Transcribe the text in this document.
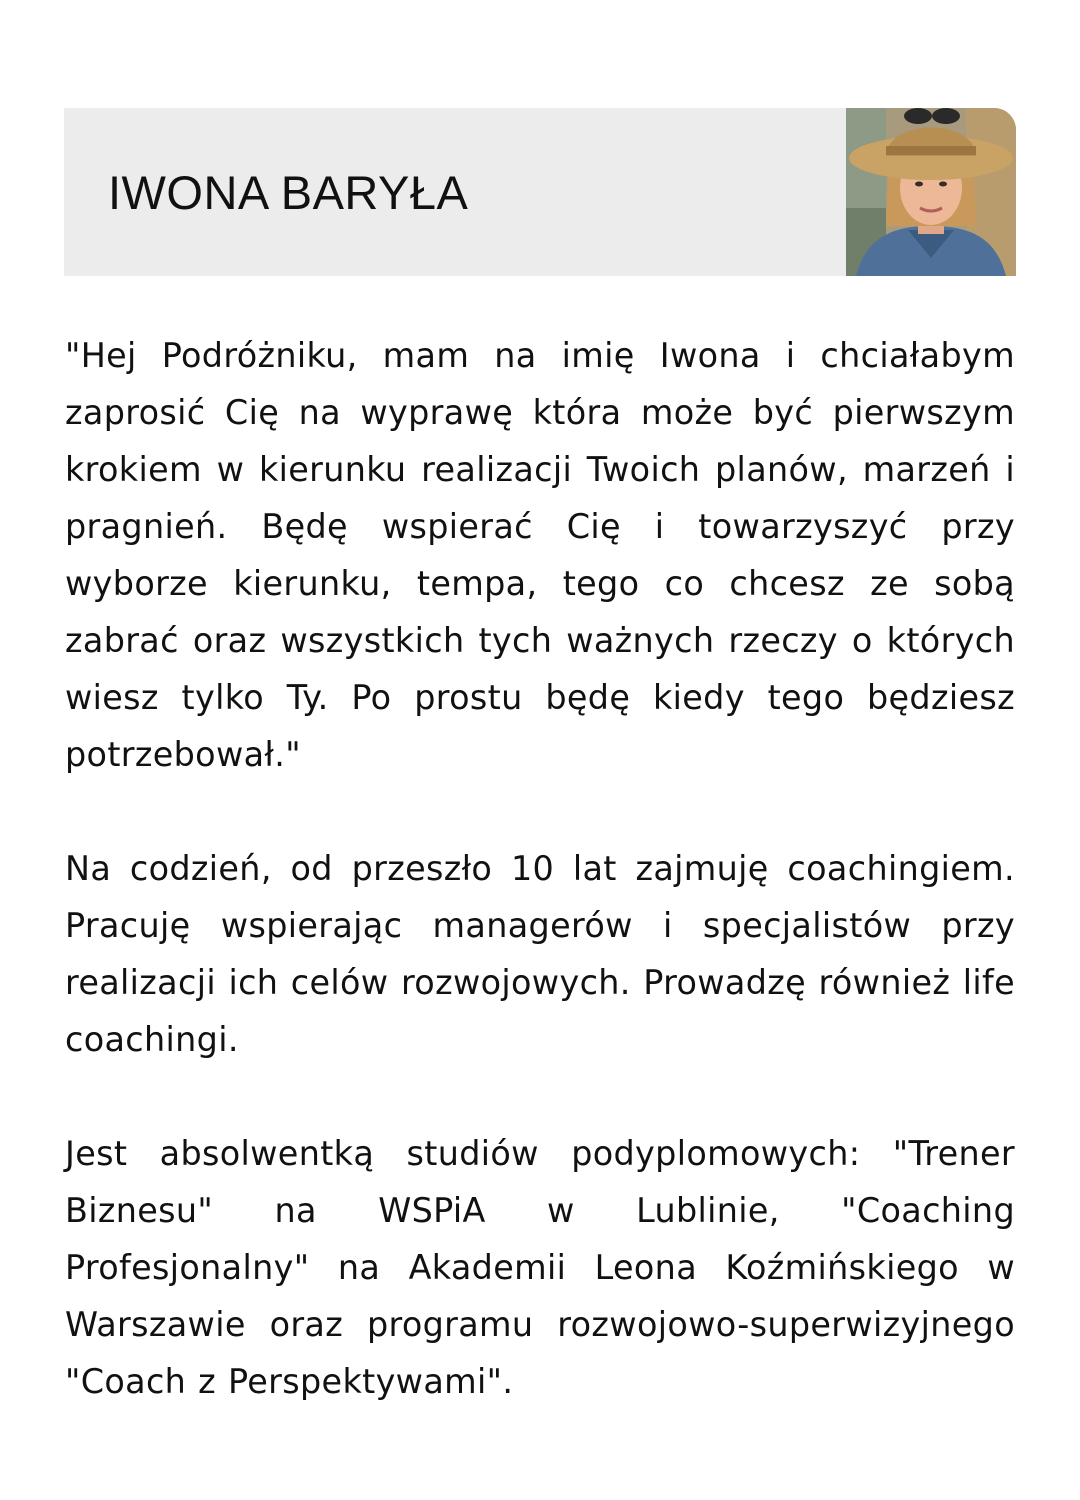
IWONA BARYŁA

"Hej Podróżniku, mam na imię Iwona i chciałabym zaprosić Cię na wyprawę która może być pierwszym krokiem w kierunku realizacji Twoich planów, marzeń i pragnień. Będę wspierać Cię i towarzyszyć przy wyborze kierunku, tempa, tego co chcesz ze sobą zabrać oraz wszystkich tych ważnych rzeczy o których wiesz tylko Ty. Po prostu będę kiedy tego będziesz potrzebował."

Na codzień, od przeszło 10 lat zajmuję coachingiem. Pracuję wspierając managerów i specjalistów przy realizacji ich celów rozwojowych. Prowadzę również life coachingi.

Jest absolwentką studiów podyplomowych: "Trener Biznesu" na WSPiA w Lublinie, "Coaching Profesjonalny" na Akademii Leona Koźmińskiego w Warszawie oraz programu rozwojowo-superwizyjnego "Coach z Perspektywami".
